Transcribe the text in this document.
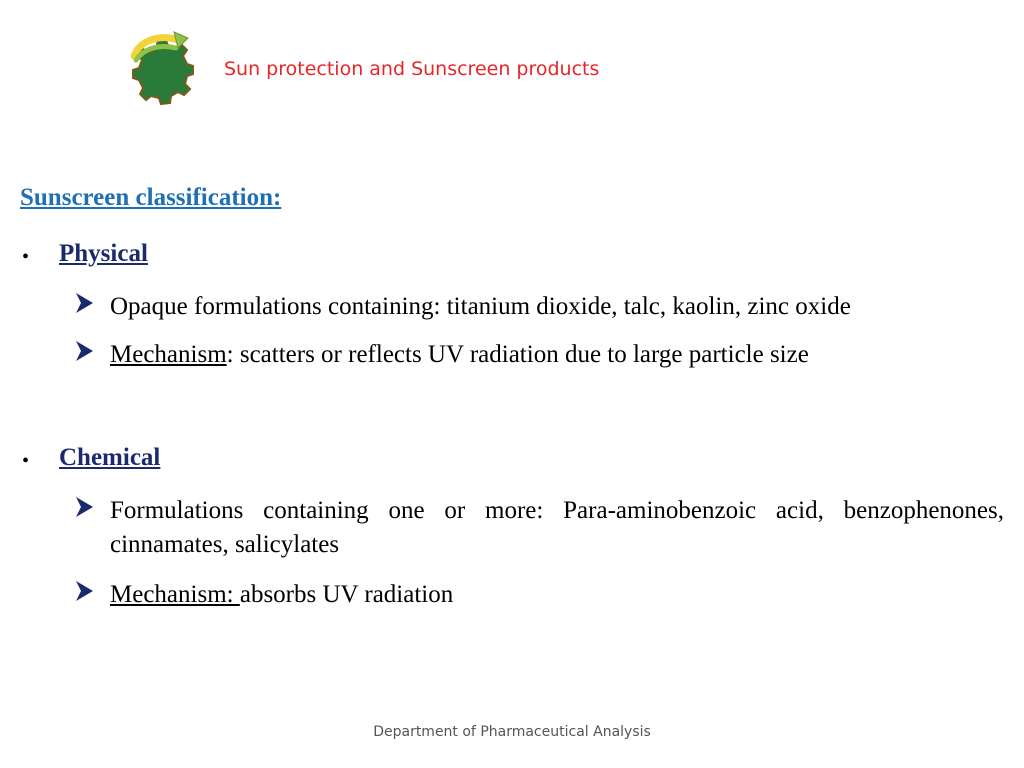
Sun protection and Sunscreen products
Sunscreen classification:
• Physical
Opaque formulations containing: titanium dioxide, talc, kaolin, zinc oxide
Mechanism: scatters or reflects UV radiation due to large particle size
• Chemical
Formulations containing one or more: Para-aminobenzoic acid, benzophenones, cinnamates, salicylates
Mechanism: absorbs UV radiation
Department of Pharmaceutical Analysis
